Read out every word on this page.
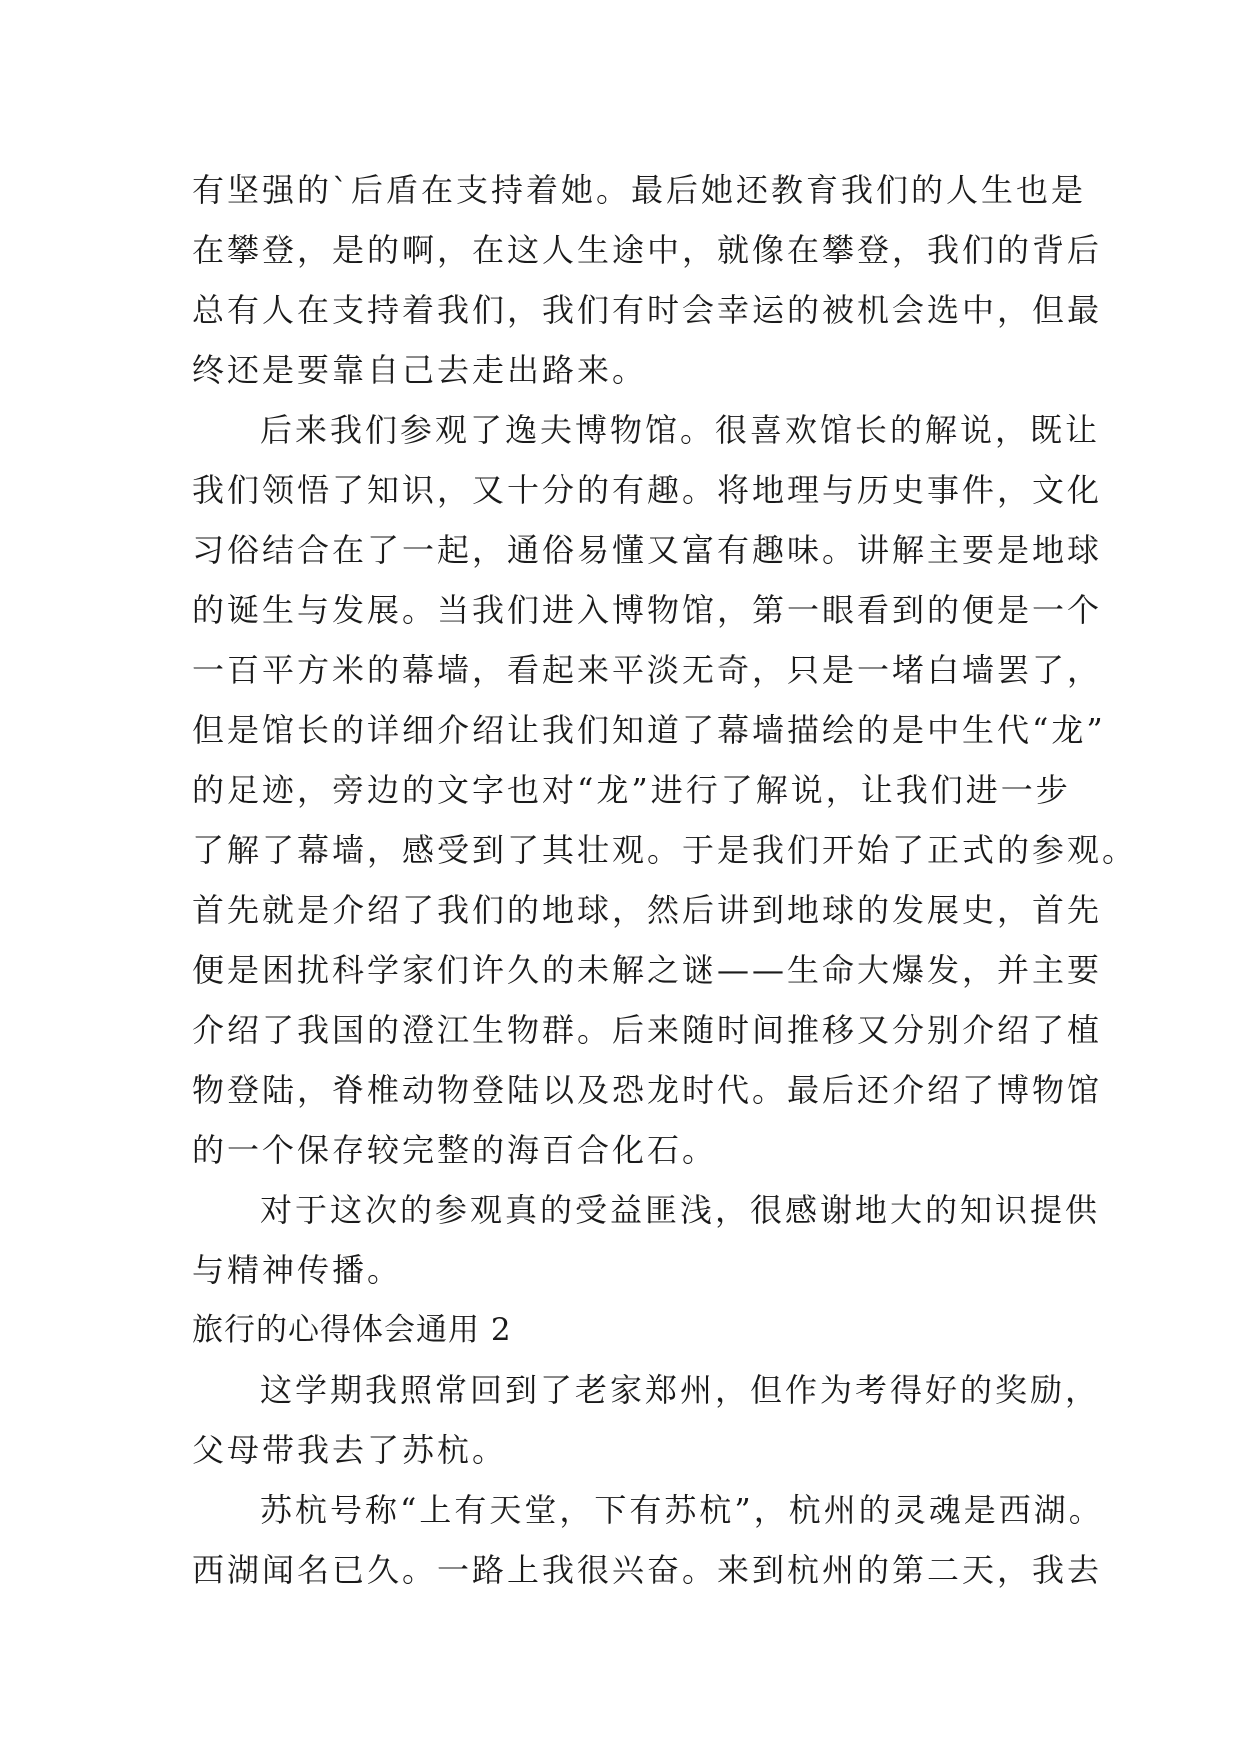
有坚强的`后盾在支持着她。最后她还教育我们的人生也是
在攀登，是的啊，在这人生途中，就像在攀登，我们的背后
总有人在支持着我们，我们有时会幸运的被机会选中，但最
终还是要靠自己去走出路来。
后来我们参观了逸夫博物馆。很喜欢馆长的解说，既让
我们领悟了知识，又十分的有趣。将地理与历史事件，文化
习俗结合在了一起，通俗易懂又富有趣味。讲解主要是地球
的诞生与发展。当我们进入博物馆，第一眼看到的便是一个
一百平方米的幕墙，看起来平淡无奇，只是一堵白墙罢了，
但是馆长的详细介绍让我们知道了幕墙描绘的是中生代“龙”
的足迹，旁边的文字也对“龙”进行了解说，让我们进一步
了解了幕墙，感受到了其壮观。于是我们开始了正式的参观。
首先就是介绍了我们的地球，然后讲到地球的发展史，首先
便是困扰科学家们许久的未解之谜——生命大爆发，并主要
介绍了我国的澄江生物群。后来随时间推移又分别介绍了植
物登陆，脊椎动物登陆以及恐龙时代。最后还介绍了博物馆
的一个保存较完整的海百合化石。
对于这次的参观真的受益匪浅，很感谢地大的知识提供
与精神传播。
旅行的心得体会通用 2
这学期我照常回到了老家郑州，但作为考得好的奖励，
父母带我去了苏杭。
苏杭号称“上有天堂，下有苏杭”，杭州的灵魂是西湖。
西湖闻名已久。一路上我很兴奋。来到杭州的第二天，我去
